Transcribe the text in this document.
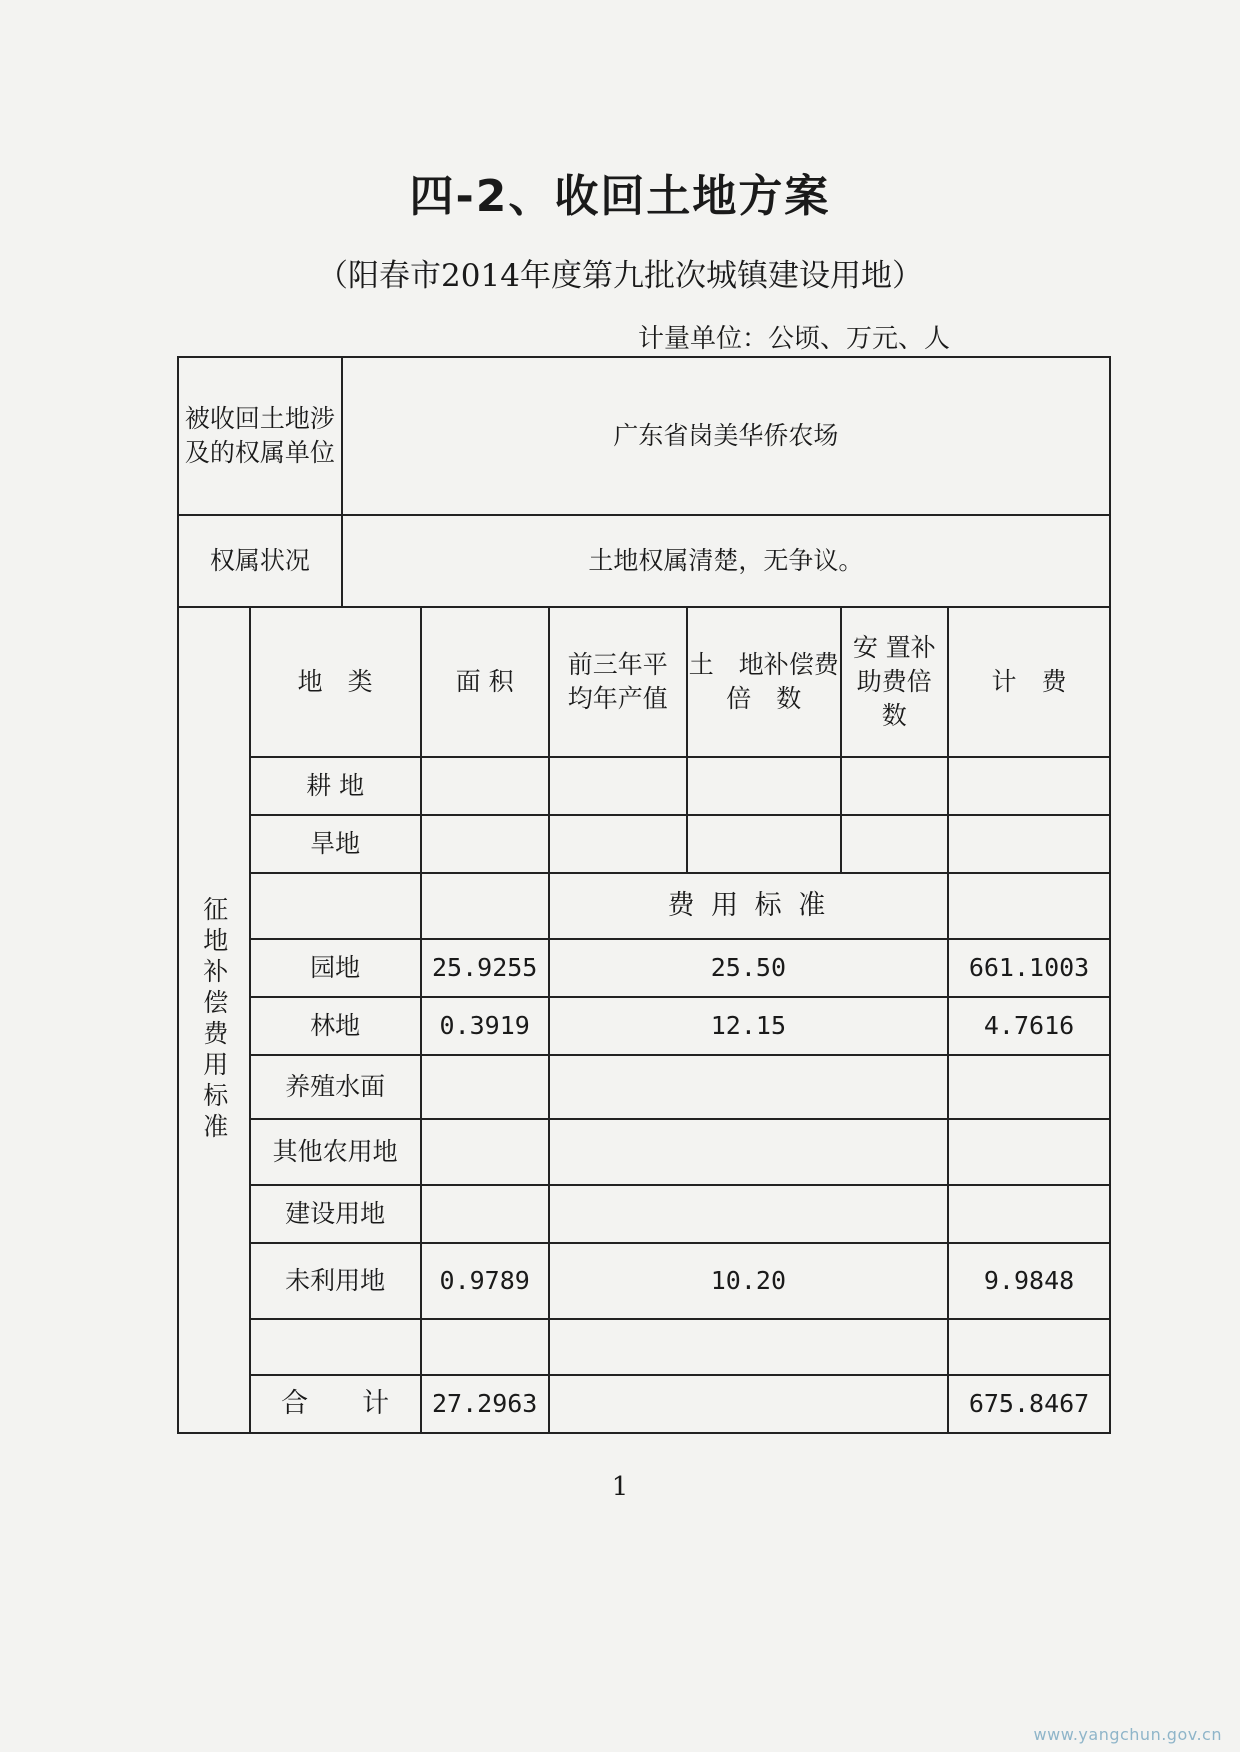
四-2、收回土地方案
（阳春市2014年度第九批次城镇建设用地）
计量单位：公顷、万元、人
被收回土地涉及的权属单位		广东省岗美华侨农场					
权属状况		土地权属清楚，无争议。					
征地补偿费用标准	地　类		面 积	前三年平　均年产值	土　地补偿费倍　数	安 置补助费倍 数	计　费
	耕 地						
	旱地						
				费 用 标 准			
	园地		25.9255	25.50			661.1003
	林地		0.3919	12.15			4.7616
	养殖水面						
	其他农用地						
	建设用地						
	未利用地		0.9789	10.20			9.9848

	合　　计		27.2963				675.8467
1
www.yangchun.gov.cn
